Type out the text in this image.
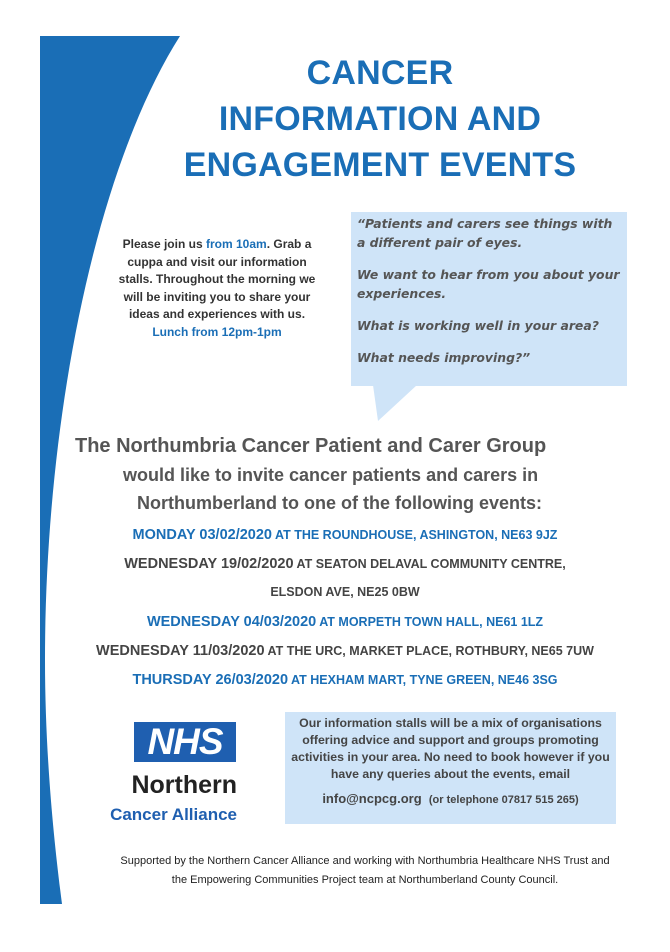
CANCER
INFORMATION AND
ENGAGEMENT EVENTS
Please join us from 10am. Grab a cuppa and visit our information stalls. Throughout the morning we will be inviting you to share your ideas and experiences with us.
Lunch from 12pm-1pm

“Patients and carers see things with a different pair of eyes.

We want to hear from you about your experiences.

What is working well in your area?

What needs improving?”

The Northumbria Cancer Patient and Carer Group
would like to invite cancer patients and carers in
Northumberland to one of the following events:
MONDAY 03/02/2020 AT THE ROUNDHOUSE, ASHINGTON, NE63 9JZ
WEDNESDAY 19/02/2020 AT SEATON DELAVAL COMMUNITY CENTRE,
ELSDON AVE, NE25 0BW
WEDNESDAY 04/03/2020 AT MORPETH TOWN HALL, NE61 1LZ
WEDNESDAY 11/03/2020 AT THE URC, MARKET PLACE, ROTHBURY, NE65 7UW
THURSDAY 26/03/2020 AT HEXHAM MART, TYNE GREEN, NE46 3SG
NHS
Northern
Cancer Alliance
Our information stalls will be a mix of organisations offering advice and support and groups promoting activities in your area. No need to book however if you have any queries about the events, email
info@ncpcg.org (or telephone 07817 515 265)
Supported by the Northern Cancer Alliance and working with Northumbria Healthcare NHS Trust and
the Empowering Communities Project team at Northumberland County Council.
